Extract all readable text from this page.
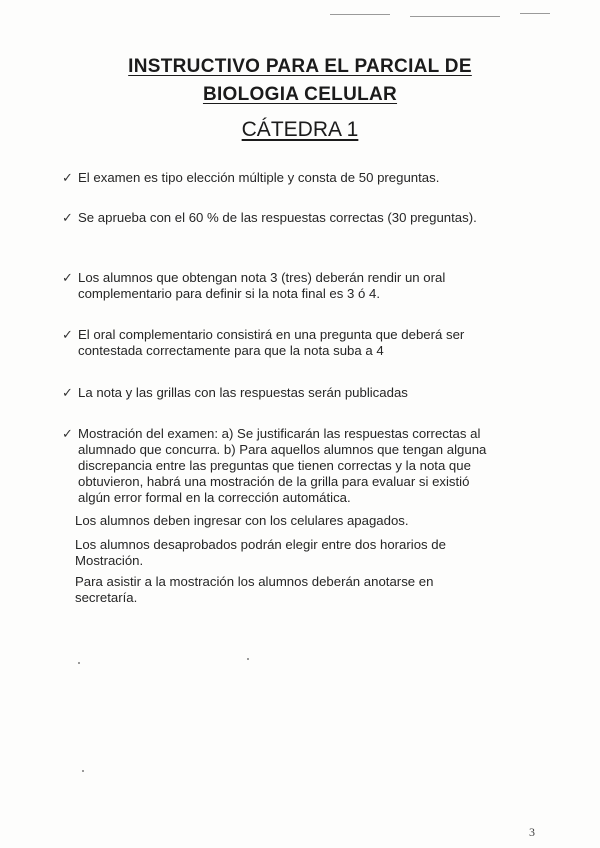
INSTRUCTIVO PARA EL PARCIAL DE
BIOLOGIA CELULAR
CÁTEDRA 1
✓ El examen es tipo elección múltiple y consta de 50 preguntas.
✓ Se aprueba con el 60 % de las respuestas correctas (30 preguntas).
✓ Los alumnos que obtengan nota 3 (tres) deberán rendir un oral complementario para definir si la nota final es 3 ó 4.
✓ El oral complementario consistirá en una pregunta que deberá ser contestada correctamente para que la nota suba a 4
✓ La nota y las grillas con las respuestas serán publicadas
✓ Mostración del examen: a) Se justificarán las respuestas correctas al alumnado que concurra. b) Para aquellos alumnos que tengan alguna discrepancia entre las preguntas que tienen correctas y la nota que obtuvieron, habrá una mostración de la grilla para evaluar si existió algún error formal en la corrección automática.
Los alumnos deben ingresar con los celulares apagados.
Los alumnos desaprobados podrán elegir entre dos horarios de Mostración.
Para asistir a la mostración los alumnos deberán anotarse en secretaría.
3
